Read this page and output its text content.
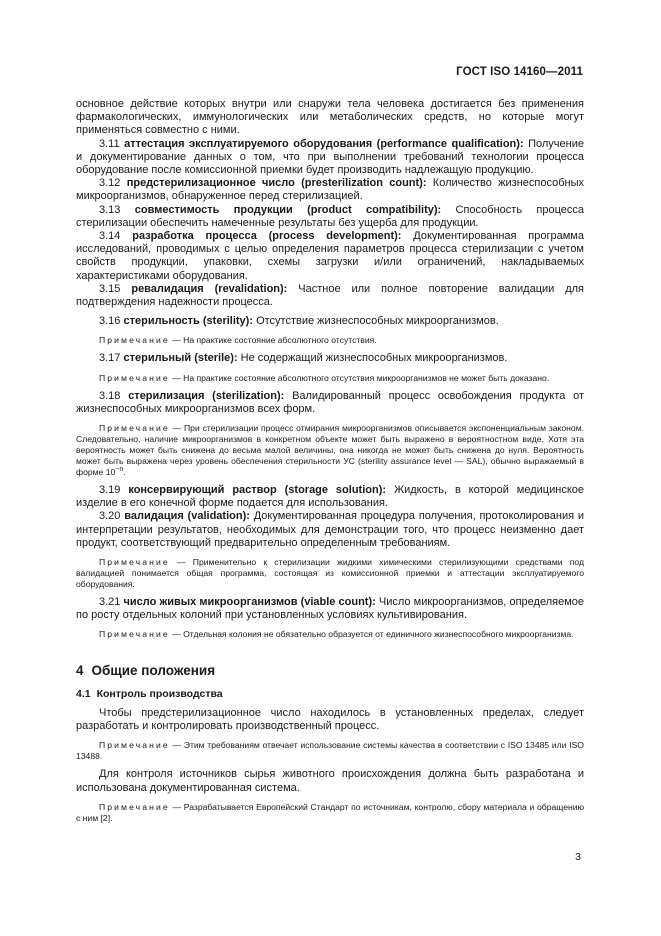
ГОСТ ISO 14160—2011

основное действие которых внутри или снаружи тела человека достигается без применения фармакологических, иммунологических или метаболических средств, но которые могут применяться совместно с ними.

3.11 аттестация эксплуатируемого оборудования (performance qualification): Получение и документирование данных о том, что при выполнении требований технологии процесса оборудование после комиссионной приемки будет производить надлежащую продукцию.

3.12 предстерилизационное число (presterilization count): Количество жизнеспособных микроорганизмов, обнаруженное перед стерилизацией.

3.13 совместимость продукции (product compatibility): Способность процесса стерилизации обеспечить намеченные результаты без ущерба для продукции.

3.14 разработка процесса (process development): Документированная программа исследований, проводимых с целью определения параметров процесса стерилизации с учетом свойств продукции, упаковки, схемы загрузки и/или ограничений, накладываемых характеристиками оборудования.

3.15 ревалидация (revalidation): Частное или полное повторение валидации для подтверждения надежности процесса.

3.16 стерильность (sterility): Отсутствие жизнеспособных микроорганизмов.

Примечание — На практике состояние абсолютного отсутствия.

3.17 стерильный (sterile): Не содержащий жизнеспособных микроорганизмов.

Примечание — На практике состояние абсолютного отсутствия микроорганизмов не может быть доказано.

3.18 стерилизация (sterilization): Валидированный процесс освобождения продукта от жизнеспособных микроорганизмов всех форм.

Примечание — При стерилизации процесс отмирания микроорганизмов описывается экспоненциальным законом. Следовательно, наличие микроорганизмов в конкретном объекте может быть выражено в вероятностном виде. Хотя эта вероятность может быть снижена до весьма малой величины, она никогда не может быть снижена до нуля. Вероятность может быть выражена через уровень обеспечения стерильности УС (sterility assurance level — SAL), обычно выражаемый в форме $10^{-n}$.

3.19 консервирующий раствор (storage solution): Жидкость, в которой медицинское изделие в его конечной форме подается для использования.

3.20 валидация (validation): Документированная процедура получения, протоколирования и интерпретации результатов, необходимых для демонстрации того, что процесс неизменно дает продукт, соответствующий предварительно определенным требованиям.

Примечание — Применительно к стерилизации жидкими химическими стерилизующими средствами под валидацией понимается общая программа, состоящая из комиссионной приемки и аттестации эксплуатируемого оборудования.

3.21 число живых микроорганизмов (viable count): Число микроорганизмов, определяемое по росту отдельных колоний при установленных условиях культивирования.

Примечание — Отдельная колония не обязательно образуется от единичного жизнеспособного микроорганизма.

4 Общие положения

4.1 Контроль производства

Чтобы предстерилизационное число находилось в установленных пределах, следует разработать и контролировать производственный процесс.

Примечание — Этим требованиям отвечает использование системы качества в соответствии с ISO 13485 или ISO 13488.

Для контроля источников сырья животного происхождения должна быть разработана и использована документированная система.

Примечание — Разрабатывается Европейский Стандарт по источникам, контролю, сбору материала и обращению с ним [2].

3
